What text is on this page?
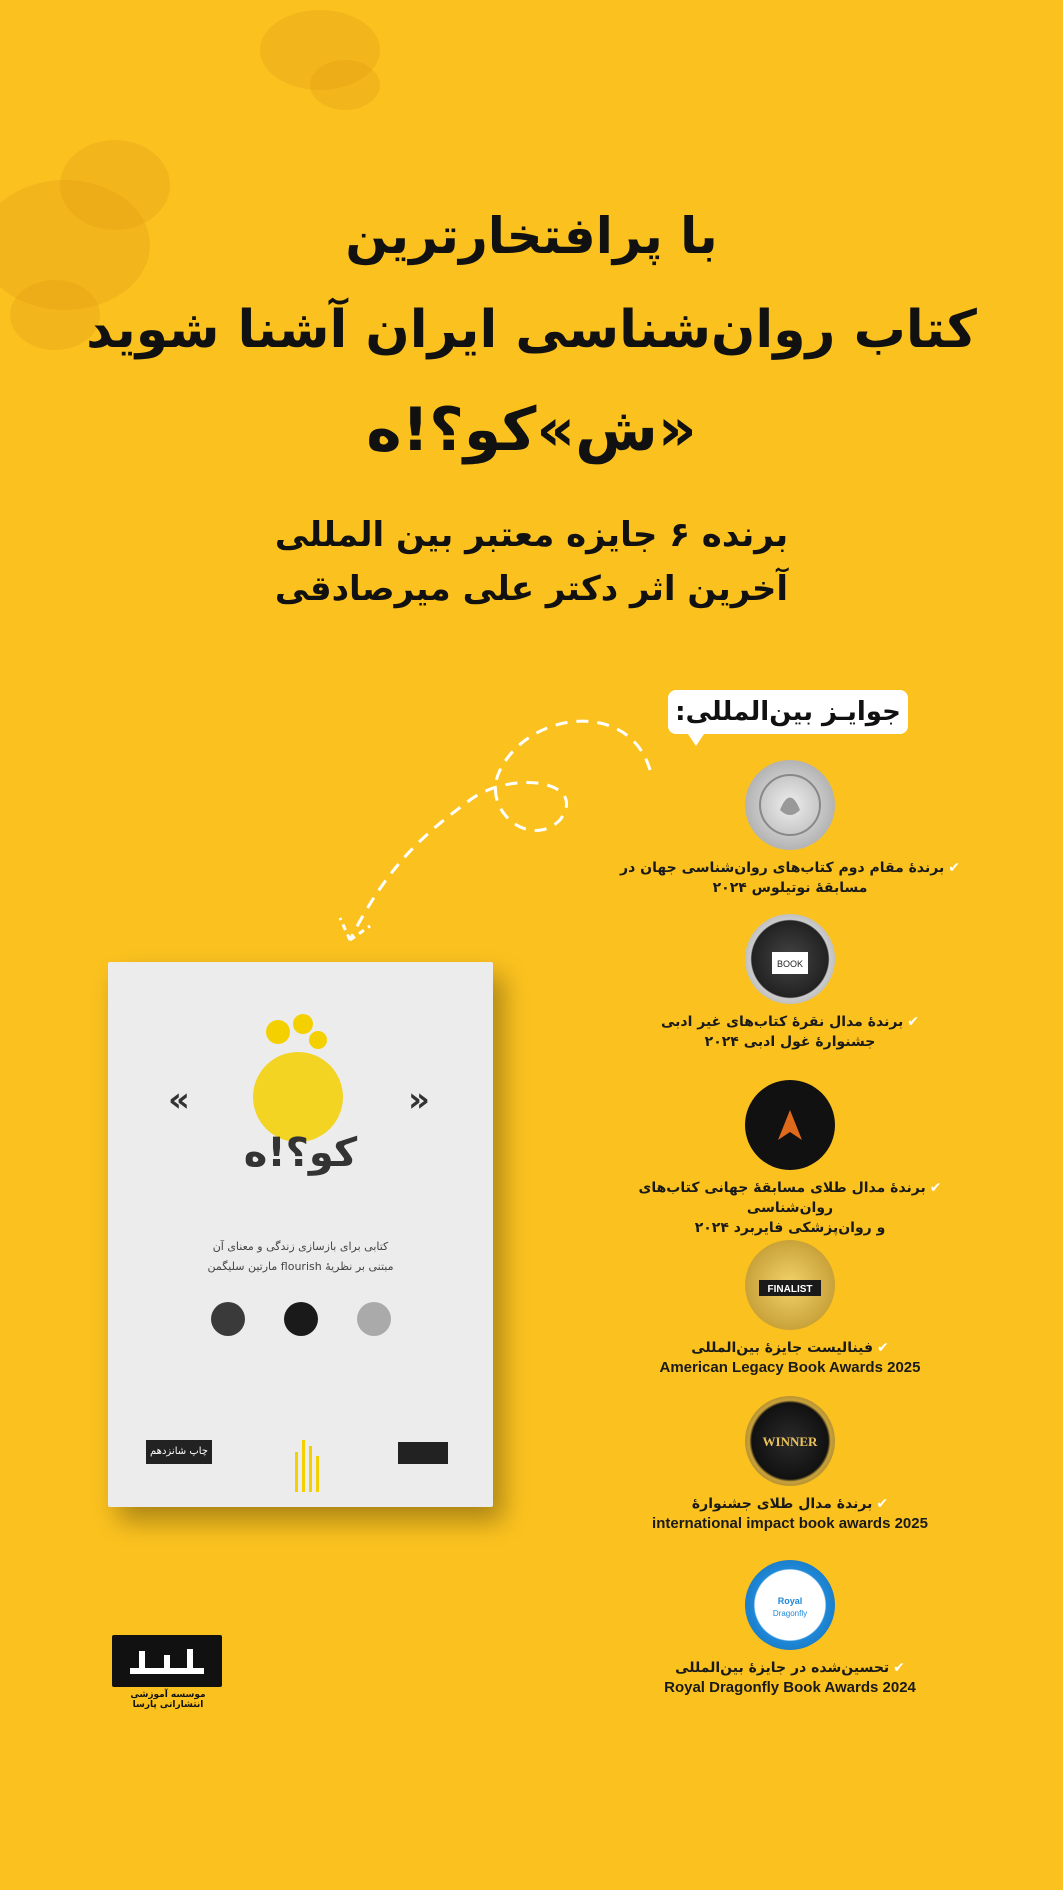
با پرافتخارترین
کتاب روان‌شناسی ایران آشنا شوید
«ش»کو؟!ه
برنده ۶ جایزه معتبر بین المللی
آخرین اثر دکتر علی میرصادقی
جوایـز بین‌المللی:
✔برندهٔ مقام دوم کتاب‌های روان‌شناسی جهان در
مسابقهٔ نوتیلوس ۲۰۲۴
BOOK
✔برندهٔ مدال نقرهٔ کتاب‌های غیر ادبی
جشنوارهٔ غول ادبی ۲۰۲۴
✔برندهٔ مدال طلای مسابقهٔ جهانی کتاب‌های روان‌شناسی
و روان‌پزشکی فایربرد ۲۰۲۴
FINALIST
✔فینالیست جایزهٔ بین‌المللی
American Legacy Book Awards 2025
WINNER
✔برندهٔ مدال طلای جشنوارهٔ
international impact book awards 2025
Royal
Dragonfly
✔تحسین‌شده در جایزهٔ بین‌المللی
Royal Dragonfly Book Awards 2024
«	»
کو؟!ه
کتابی برای بازسازی زندگی و معنای آن
مبتنی بر نظریهٔ flourish مارتین سلیگمن
چاپ شانزدهم
موسسه آموزشی انتشاراتی پارسا
